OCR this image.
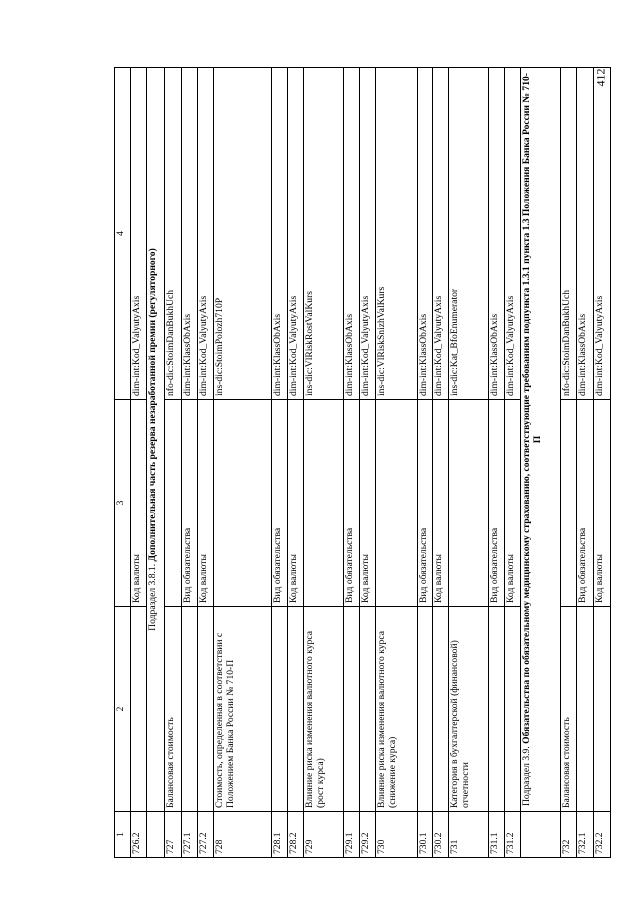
412
1	2	3	4
726.2		Код валюты	dim-int:Kod_ValyutyAxis
	Подраздел 3.8.1. Дополнительная часть резерва незаработанной премии (регуляторного)		
727	Балансовая стоимость		nfo-dic:StoimDanBukhUch
727.1		Вид обязательства	dim-int:KlassObAxis
727.2		Код валюты	dim-int:Kod_ValyutyAxis
728	Стоимость, определенная в соответствии с Положением Банка России № 710-П		ins-dic:StoimPolozh710P
728.1		Вид обязательства	dim-int:KlassObAxis
728.2		Код валюты	dim-int:Kod_ValyutyAxis
729	Влияние риска изменения валютного курса (рост курса)		ins-dic:VlRiskRostValKurs
729.1		Вид обязательства	dim-int:KlassObAxis
729.2		Код валюты	dim-int:Kod_ValyutyAxis
730	Влияние риска изменения валютного курса (снижение курса)		ins-dic:VlRiskSnizhValKurs
730.1		Вид обязательства	dim-int:KlassObAxis
730.2		Код валюты	dim-int:Kod_ValyutyAxis
731	Категория в бухгалтерской (финансовой) отчетности		ins-dic:Kat_BfoEnumerator
731.1		Вид обязательства	dim-int:KlassObAxis
731.2		Код валюты	dim-int:Kod_ValyutyAxis
	Подраздел 3.9. Обязательства по обязательному медицинскому страхованию, соответствующие требованиям подпункта 1.3.1 пункта 1.3 Положения Банка России № 710-П		
732	Балансовая стоимость		nfo-dic:StoimDanBukhUch
732.1		Вид обязательства	dim-int:KlassObAxis
732.2		Код валюты	dim-int:Kod_ValyutyAxis
